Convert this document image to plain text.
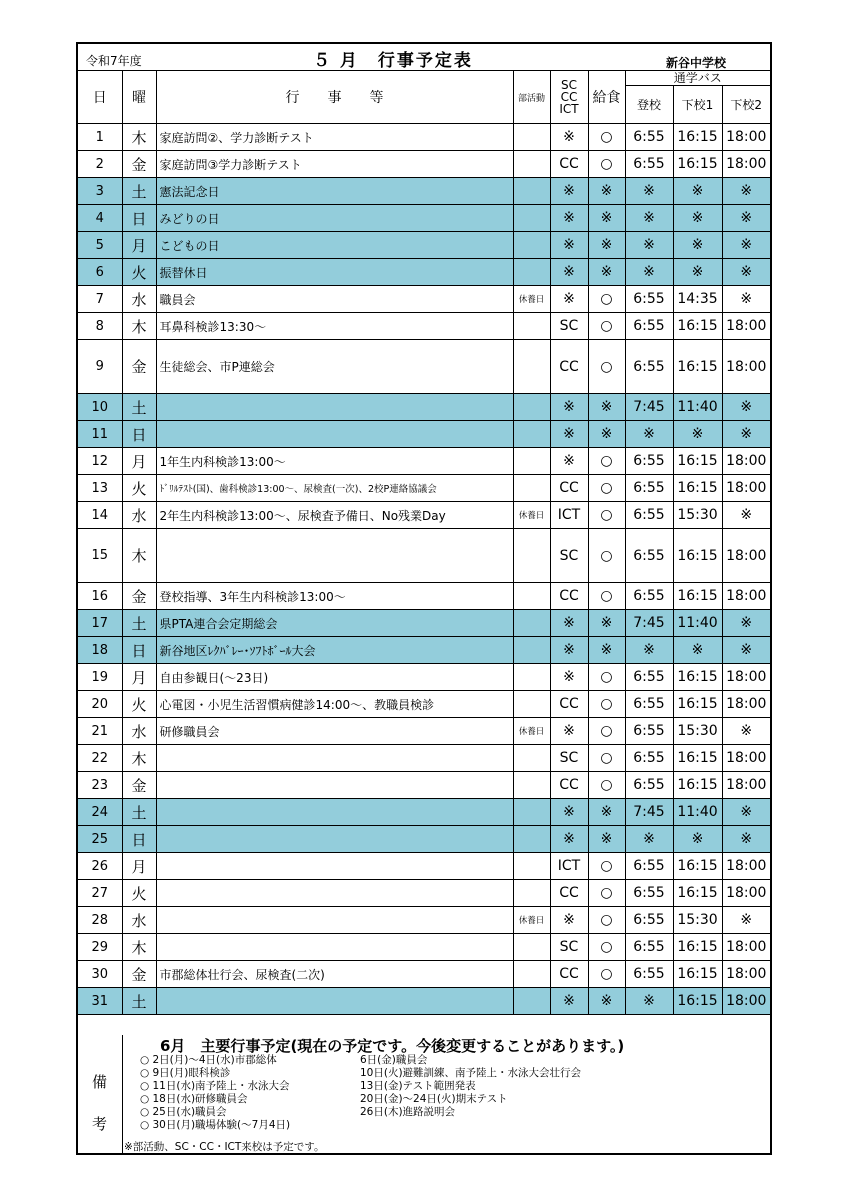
令和7年度	５ 月　行事予定表	新谷中学校
日	曜	行　　事　　等	部活動	SC
CC
ICT	給食	通学バス		
						登校	下校1	下校2
1	木	家庭訪問②、学力診断テスト		※	○	6:55	16:15	18:00
2	金	家庭訪問③学力診断テスト		CC	○	6:55	16:15	18:00
3	土	憲法記念日		※	※	※	※	※
4	日	みどりの日		※	※	※	※	※
5	月	こどもの日		※	※	※	※	※
6	火	振替休日		※	※	※	※	※
7	水	職員会	休養日	※	○	6:55	14:35	※
8	木	耳鼻科検診13:30～		SC	○	6:55	16:15	18:00
9	金	生徒総会、市P連総会		CC	○	6:55	16:15	18:00
10	土			※	※	7:45	11:40	※
11	日			※	※	※	※	※
12	月	1年生内科検診13:00～		※	○	6:55	16:15	18:00
13	火	ﾄﾞﾘﾙﾃｽﾄ(国)、歯科検診13:00～、尿検査(一次)、2校P連絡協議会		CC	○	6:55	16:15	18:00
14	水	2年生内科検診13:00～、尿検査予備日、No残業Day	休養日	ICT	○	6:55	15:30	※
15	木			SC	○	6:55	16:15	18:00
16	金	登校指導、3年生内科検診13:00～		CC	○	6:55	16:15	18:00
17	土	県PTA連合会定期総会		※	※	7:45	11:40	※
18	日	新谷地区ﾚｸﾊﾞﾚｰ･ｿﾌﾄﾎﾞｰﾙ大会		※	※	※	※	※
19	月	自由参観日(～23日)		※	○	6:55	16:15	18:00
20	火	心電図・小児生活習慣病健診14:00～、教職員検診		CC	○	6:55	16:15	18:00
21	水	研修職員会	休養日	※	○	6:55	15:30	※
22	木			SC	○	6:55	16:15	18:00
23	金			CC	○	6:55	16:15	18:00
24	土			※	※	7:45	11:40	※
25	日			※	※	※	※	※
26	月			ICT	○	6:55	16:15	18:00
27	火			CC	○	6:55	16:15	18:00
28	水		休養日	※	○	6:55	15:30	※
29	木			SC	○	6:55	16:15	18:00
30	金	市郡総体壮行会、尿検査(二次)		CC	○	6:55	16:15	18:00
31	土			※	※	※	16:15	18:00
備
考
6月　主要行事予定(現在の予定です。今後変更することがあります。)
○ 2日(月)～4日(水)市郡総体
○ 9日(月)眼科検診
○ 11日(水)南予陸上・水泳大会
○ 18日(水)研修職員会
○ 25日(水)職員会
○ 30日(月)職場体験(～7月4日)
6日(金)職員会
10日(火)避難訓練、南予陸上・水泳大会壮行会
13日(金)テスト範囲発表
20日(金)～24日(火)期末テスト
26日(木)進路説明会
※部活動、SC・CC・ICT来校は予定です。
